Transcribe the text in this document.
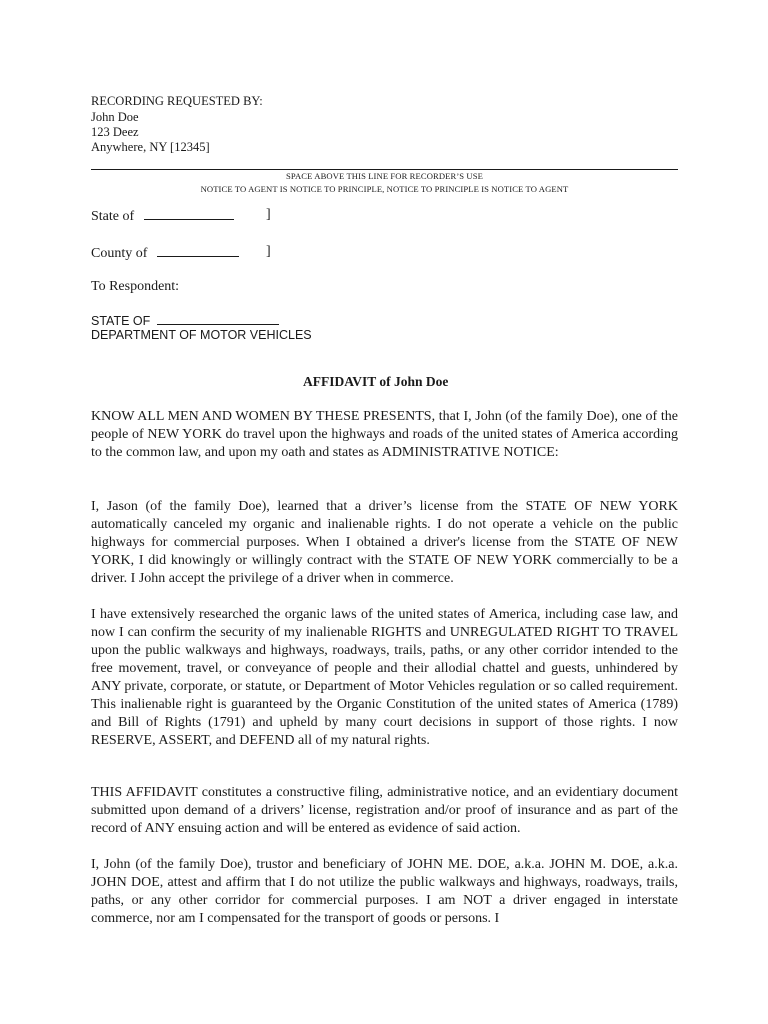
RECORDING REQUESTED BY:
John Doe
123 Deez
Anywhere, NY [12345]
SPACE ABOVE THIS LINE FOR RECORDER’S USE
NOTICE TO AGENT IS NOTICE TO PRINCIPLE, NOTICE TO PRINCIPLE IS NOTICE TO AGENT
State of	]
County of	]
To Respondent:
STATE OF
DEPARTMENT OF MOTOR VEHICLES
AFFIDAVIT of John Doe

KNOW ALL MEN AND WOMEN BY THESE PRESENTS, that I, John (of the family Doe), one of the people of NEW YORK do travel upon the highways and roads of the united states of America according to the common law, and upon my oath and states as ADMINISTRATIVE NOTICE:

I, Jason (of the family Doe), learned that a driver’s license from the STATE OF NEW YORK automatically canceled my organic and inalienable rights. I do not operate a vehicle on the public highways for commercial purposes. When I obtained a driver's license from the STATE OF NEW YORK, I did knowingly or willingly contract with the STATE OF NEW YORK commercially to be a driver. I John accept the privilege of a driver when in commerce.

I have extensively researched the organic laws of the united states of America, including case law, and now I can confirm the security of my inalienable RIGHTS and UNREGULATED RIGHT TO TRAVEL upon the public walkways and highways, roadways, trails, paths, or any other corridor intended to the free movement, travel, or conveyance of people and their allodial chattel and guests, unhindered by ANY private, corporate, or statute, or Department of Motor Vehicles regulation or so called requirement. This inalienable right is guaranteed by the Organic Constitution of the united states of America (1789) and Bill of Rights (1791) and upheld by many court decisions in support of those rights. I now RESERVE, ASSERT, and DEFEND all of my natural rights.

THIS AFFIDAVIT constitutes a constructive filing, administrative notice, and an evidentiary document submitted upon demand of a drivers’ license, registration and/or proof of insurance and as part of the record of ANY ensuing action and will be entered as evidence of said action.

I, John (of the family Doe), trustor and beneficiary of JOHN ME. DOE, a.k.a. JOHN M. DOE, a.k.a. JOHN DOE, attest and affirm that I do not utilize the public walkways and highways, roadways, trails, paths, or any other corridor for commercial purposes. I am NOT a driver engaged in interstate commerce, nor am I compensated for the transport of goods or persons. I
